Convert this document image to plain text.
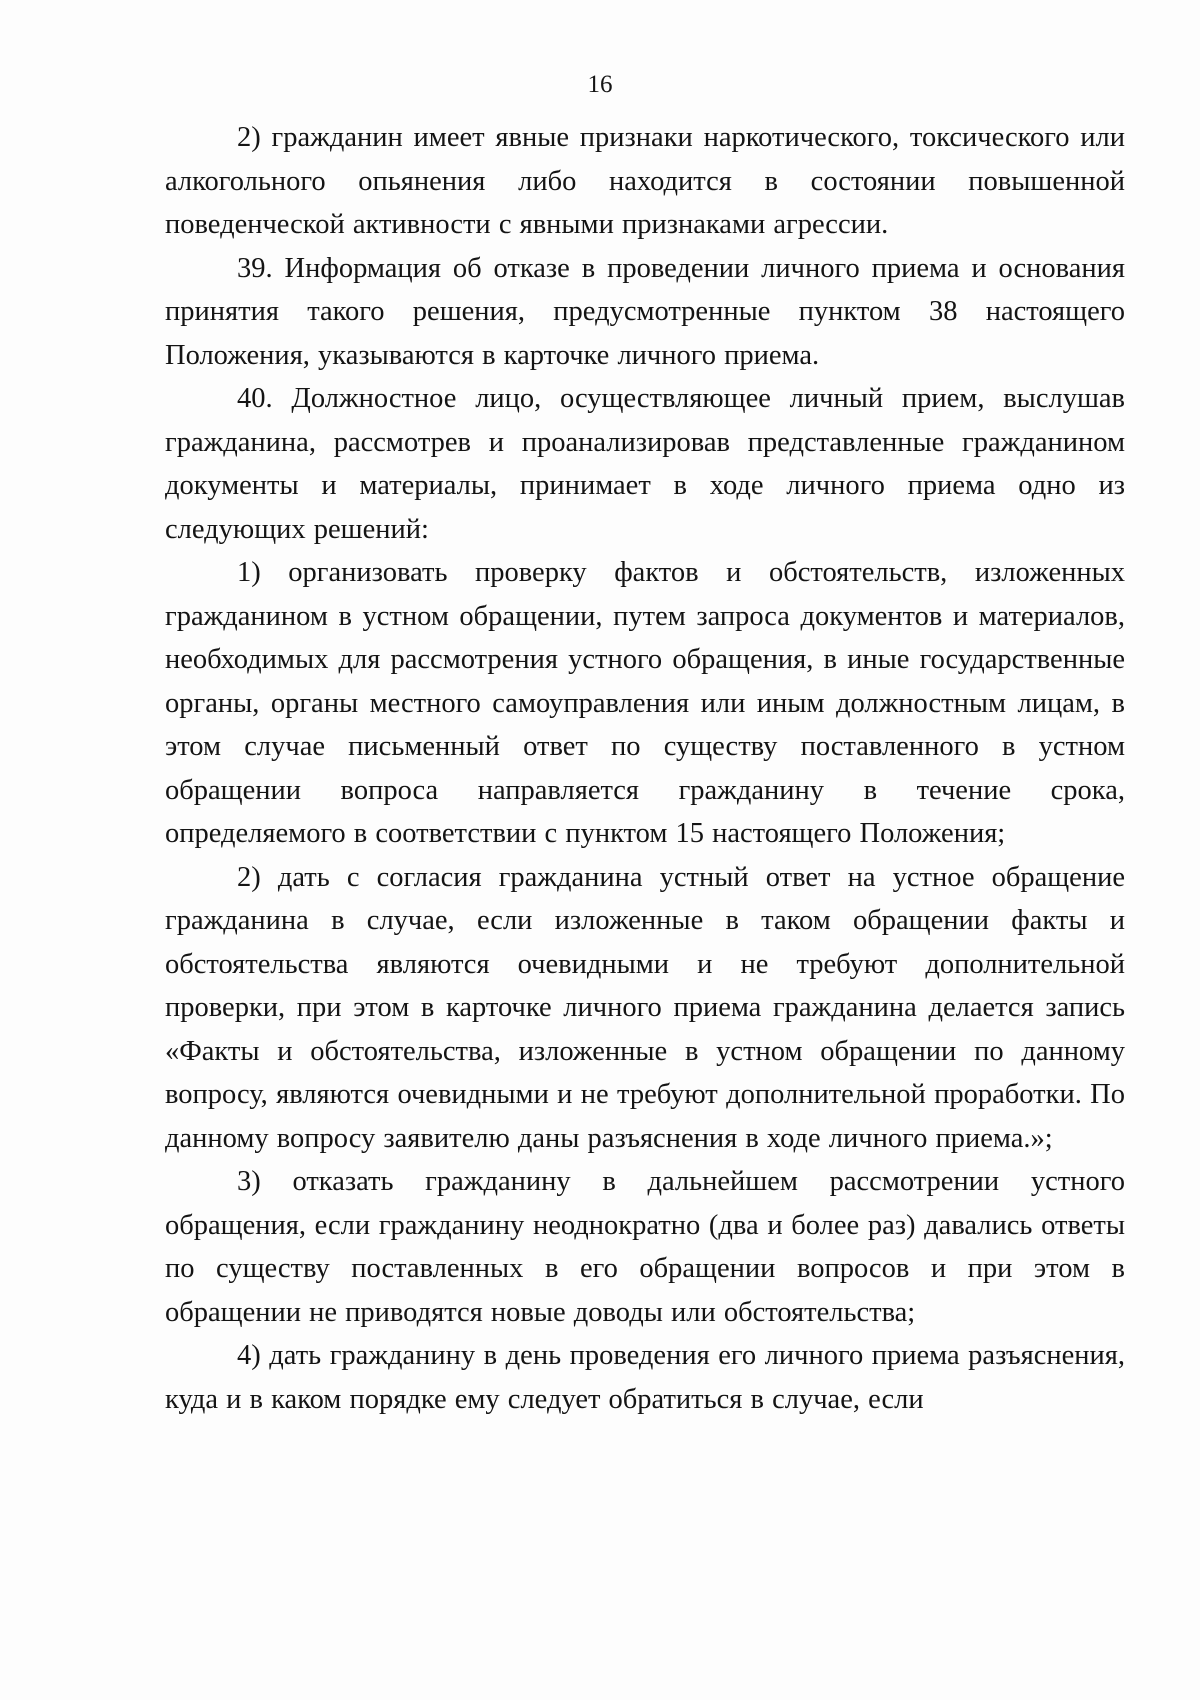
16

2) гражданин имеет явные признаки наркотического, токсического или алкогольного опьянения либо находится в состоянии повышенной поведенческой активности с явными признаками агрессии.

39. Информация об отказе в проведении личного приема и основания принятия такого решения, предусмотренные пунктом 38 настоящего Положения, указываются в карточке личного приема.

40. Должностное лицо, осуществляющее личный прием, выслушав гражданина, рассмотрев и проанализировав представленные гражданином документы и материалы, принимает в ходе личного приема одно из следующих решений:

1) организовать проверку фактов и обстоятельств, изложенных гражданином в устном обращении, путем запроса документов и материалов, необходимых для рассмотрения устного обращения, в иные государственные органы, органы местного самоуправления или иным должностным лицам, в этом случае письменный ответ по существу поставленного в устном обращении вопроса направляется гражданину в течение срока, определяемого в соответствии с пунктом 15 настоящего Положения;

2) дать с согласия гражданина устный ответ на устное обращение гражданина в случае, если изложенные в таком обращении факты и обстоятельства являются очевидными и не требуют дополнительной проверки, при этом в карточке личного приема гражданина делается запись «Факты и обстоятельства, изложенные в устном обращении по данному вопросу, являются очевидными и не требуют дополнительной проработки. По данному вопросу заявителю даны разъяснения в ходе личного приема.»;

3) отказать гражданину в дальнейшем рассмотрении устного обращения, если гражданину неоднократно (два и более раз) давались ответы по существу поставленных в его обращении вопросов и при этом в обращении не приводятся новые доводы или обстоятельства;

4) дать гражданину в день проведения его личного приема разъяснения, куда и в каком порядке ему следует обратиться в случае, если
